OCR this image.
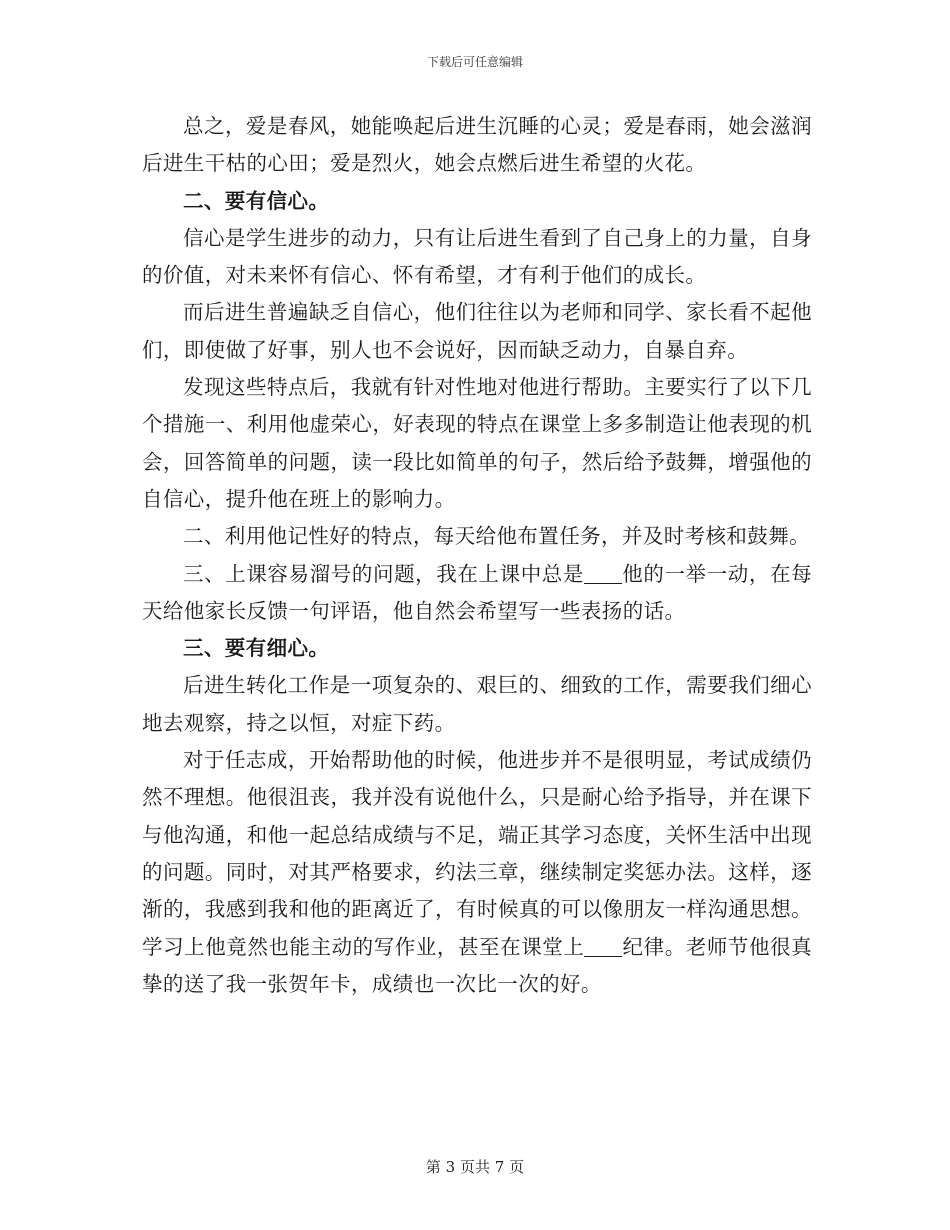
下载后可任意编辑

总之，爱是春风，她能唤起后进生沉睡的心灵；爱是春雨，她会滋润后进生干枯的心田；爱是烈火，她会点燃后进生希望的火花。

二、要有信心。

信心是学生进步的动力，只有让后进生看到了自己身上的力量，自身的价值，对未来怀有信心、怀有希望，才有利于他们的成长。

而后进生普遍缺乏自信心，他们往往以为老师和同学、家长看不起他们，即使做了好事，别人也不会说好，因而缺乏动力，自暴自弃。

发现这些特点后，我就有针对性地对他进行帮助。主要实行了以下几个措施一、利用他虚荣心，好表现的特点在课堂上多多制造让他表现的机会，回答简单的问题，读一段比如简单的句子，然后给予鼓舞，增强他的自信心，提升他在班上的影响力。

二、利用他记性好的特点，每天给他布置任务，并及时考核和鼓舞。

三、上课容易溜号的问题，我在上课中总是 他的一举一动，在每天给他家长反馈一句评语，他自然会希望写一些表扬的话。

三、要有细心。

后进生转化工作是一项复杂的、艰巨的、细致的工作，需要我们细心地去观察，持之以恒，对症下药。

对于任志成，开始帮助他的时候，他进步并不是很明显，考试成绩仍然不理想。他很沮丧，我并没有说他什么，只是耐心给予指导，并在课下与他沟通，和他一起总结成绩与不足，端正其学习态度，关怀生活中出现的问题。同时，对其严格要求，约法三章，继续制定奖惩办法。这样，逐渐的，我感到我和他的距离近了，有时候真的可以像朋友一样沟通思想。学习上他竟然也能主动的写作业，甚至在课堂上 纪律。老师节他很真挚的送了我一张贺年卡，成绩也一次比一次的好。

第 3 页共 7 页
